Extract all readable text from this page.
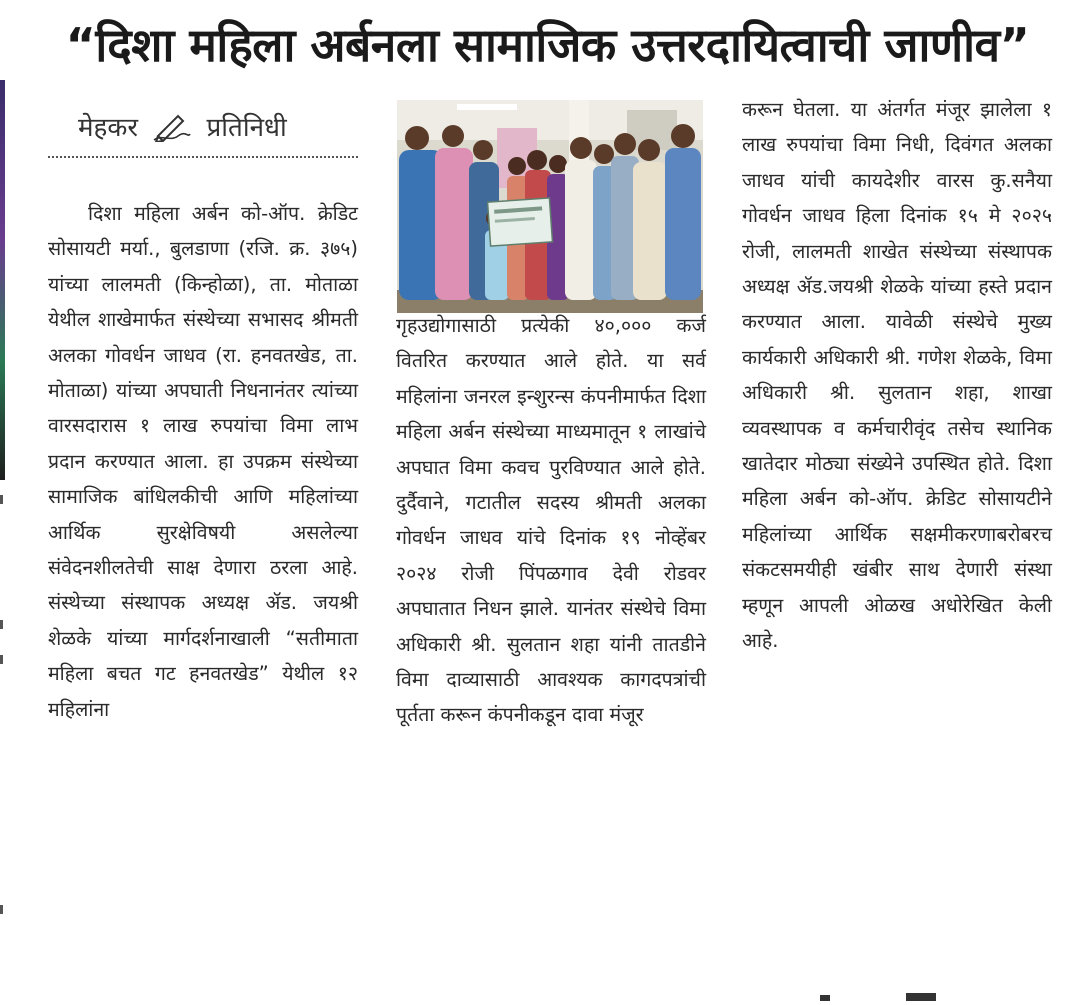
“दिशा महिला अर्बनला सामाजिक उत्तरदायित्वाची जाणीव”
मेहकर	प्रतिनिधी
दिशा महिला अर्बन को-ऑप. क्रेडिट सोसायटी मर्या., बुलडाणा (रजि. क्र. ३७५) यांच्या लालमती (किन्होळा), ता. मोताळा येथील शाखेमार्फत संस्थेच्या सभासद श्रीमती अलका गोवर्धन जाधव (रा. हनवतखेड, ता. मोताळा) यांच्या अपघाती निधनानंतर त्यांच्या वारसदारास १ लाख रुपयांचा विमा लाभ प्रदान करण्यात आला. हा उपक्रम संस्थेच्या सामाजिक बांधिलकीची आणि महिलांच्या आर्थिक सुरक्षेविषयी असलेल्या संवेदनशीलतेची साक्ष देणारा ठरला आहे. संस्थेच्या संस्थापक अध्यक्ष ॲड. जयश्री शेळके यांच्या मार्गदर्शनाखाली “सतीमाता महिला बचत गट हनवतखेड” येथील १२ महिलांना
गृहउद्योगासाठी प्रत्येकी ४०,००० कर्ज वितरित करण्यात आले होते. या सर्व महिलांना जनरल इन्शुरन्स कंपनीमार्फत दिशा महिला अर्बन संस्थेच्या माध्यमातून १ लाखांचे अपघात विमा कवच पुरविण्यात आले होते. दुर्दैवाने, गटातील सदस्य श्रीमती अलका गोवर्धन जाधव यांचे दिनांक १९ नोव्हेंबर २०२४ रोजी पिंपळगाव देवी रोडवर अपघातात निधन झाले. यानंतर संस्थेचे विमा अधिकारी श्री. सुलतान शहा यांनी तातडीने विमा दाव्यासाठी आवश्यक कागदपत्रांची पूर्तता करून कंपनीकडून दावा मंजूर
करून घेतला. या अंतर्गत मंजूर झालेला १ लाख रुपयांचा विमा निधी, दिवंगत अलका जाधव यांची कायदेशीर वारस कु.सनैया गोवर्धन जाधव हिला दिनांक १५ मे २०२५ रोजी, लालमती शाखेत संस्थेच्या संस्थापक अध्यक्ष ॲड.जयश्री शेळके यांच्या हस्ते प्रदान करण्यात आला. यावेळी संस्थेचे मुख्य कार्यकारी अधिकारी श्री. गणेश शेळके, विमा अधिकारी श्री. सुलतान शहा, शाखा व्यवस्थापक व कर्मचारीवृंद तसेच स्थानिक खातेदार मोठ्या संख्येने उपस्थित होते. दिशा महिला अर्बन को-ऑप. क्रेडिट सोसायटीने महिलांच्या आर्थिक सक्षमीकरणाबरोबरच संकटसमयीही खंबीर साथ देणारी संस्था म्हणून आपली ओळख अधोरेखित केली आहे.
